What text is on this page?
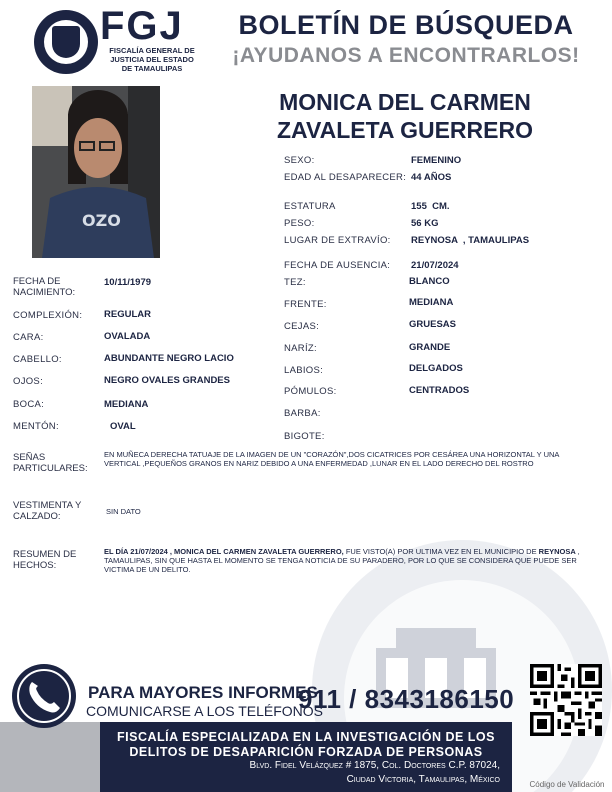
FGJ
FISCALÍA GENERAL DE JUSTICIA DEL ESTADO DE TAMAULIPAS
BOLETÍN DE BÚSQUEDA
¡AYUDANOS A ENCONTRARLOS!
OZO
MONICA DEL CARMEN
ZAVALETA GUERRERO
SEXO:	FEMENINO
EDAD AL DESAPARECER: 44 AÑOS
ESTATURA	155  CM.
PESO:	56 KG
LUGAR DE EXTRAVÍO: REYNOSA  , TAMAULIPAS
FECHA DE AUSENCIA: 21/07/2024
TEZ:	BLANCO
FRENTE:	MEDIANA
CEJAS:	GRUESAS
NARÍZ:	GRANDE
LABIOS:	DELGADOS
PÓMULOS:	CENTRADOS
BARBA:
BIGOTE:
FECHA DE NACIMIENTO:
10/11/1979
COMPLEXIÓN: REGULAR
CARA:	OVALADA
CABELLO:	ABUNDANTE NEGRO LACIO
OJOS:	NEGRO OVALES GRANDES
BOCA:	MEDIANA
MENTÓN:	OVAL
SEÑAS PARTICULARES:
EN MUÑECA DERECHA TATUAJE DE LA IMAGEN DE UN "CORAZÓN",DOS CICATRICES POR CESÁREA UNA HORIZONTAL Y UNA VERTICAL ,PEQUEÑOS GRANOS EN NARIZ DEBIDO A UNA ENFERMEDAD ,LUNAR EN EL LADO DERECHO DEL ROSTRO
VESTIMENTA Y CALZADO:	SIN DATO
RESUMEN DE HECHOS:
EL DÍA 21/07/2024 , MONICA DEL CARMEN ZAVALETA GUERRERO, FUE VISTO(A) POR ULTIMA VEZ EN EL MUNICIPIO DE REYNOSA , TAMAULIPAS, SIN QUE HASTA EL MOMENTO SE TENGA NOTICIA DE SU PARADERO, POR LO QUE SE CONSIDERA QUE PUEDE SER VICTIMA DE UN DELITO.
PARA MAYORES INFORMES,
COMUNICARSE A LOS TELÉFONOS
911 / 8343186150
FISCALÍA ESPECIALIZADA EN LA INVESTIGACIÓN DE LOS
DELITOS DE DESAPARICIÓN FORZADA DE PERSONAS
Blvd. Fidel Velázquez # 1875, Col. Doctores C.P. 87024,
Ciudad Victoria, Tamaulipas, México	Código de Validación
